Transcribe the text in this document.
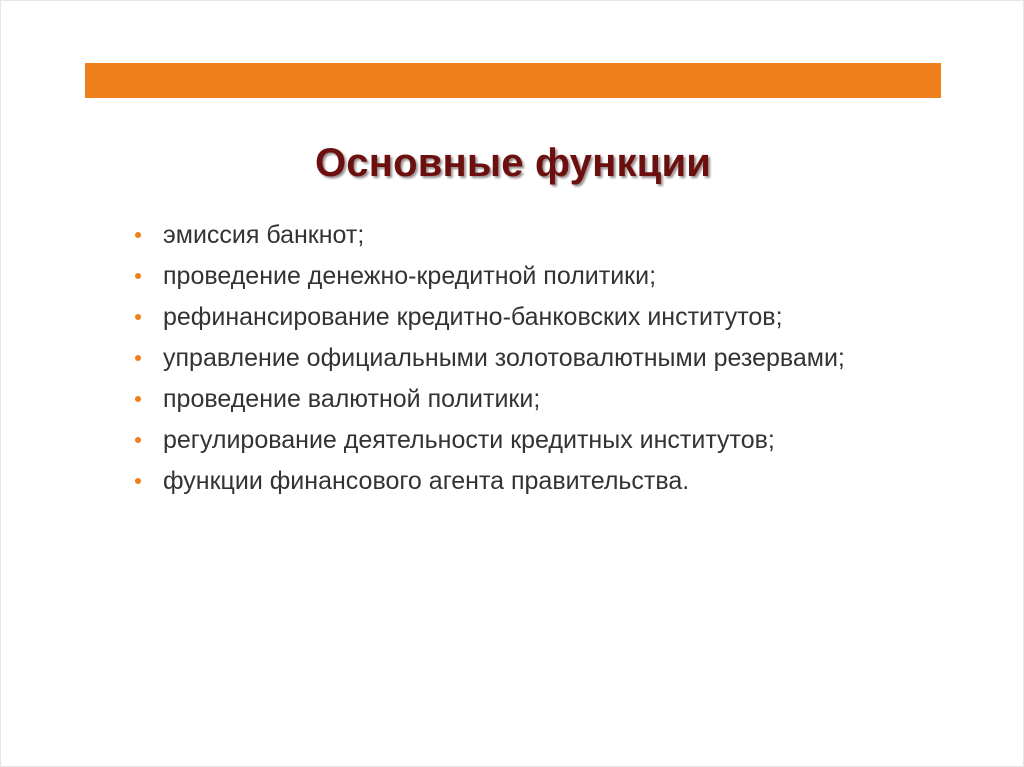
Основные функции
эмиссия банкнот;
проведение денежно-кредитной политики;
рефинансирование кредитно-банковских институтов;
управление официальными золотовалютными резервами;
проведение валютной политики;
регулирование деятельности кредитных институтов;
функции финансового агента правительства.
